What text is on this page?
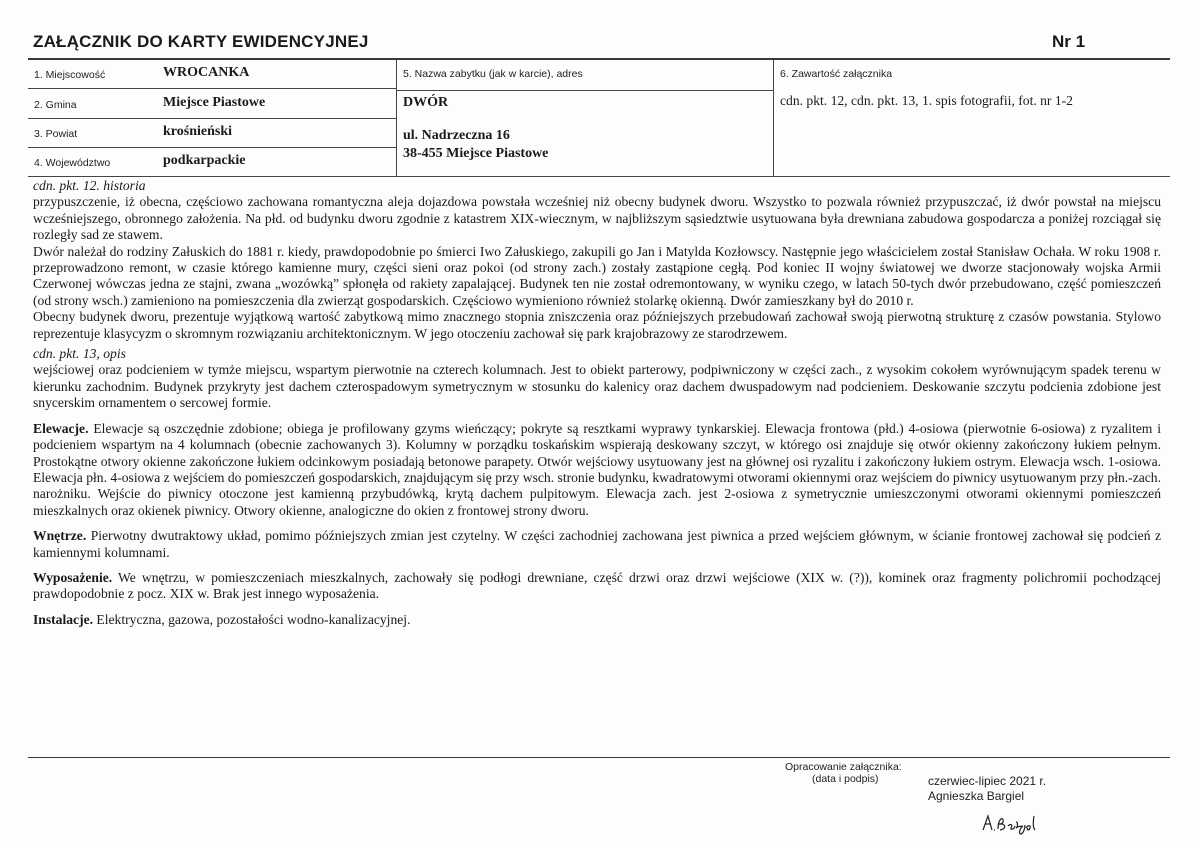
ZAŁĄCZNIK DO KARTY EWIDENCYJNEJ	Nr 1
1. Miejscowość	WROCANKA
2. Gmina	Miejsce Piastowe
3. Powiat	krośnieński
4. Województwo	podkarpackie
5. Nazwa zabytku (jak w karcie), adres
DWÓR
ul. Nadrzeczna 16
38-455 Miejsce Piastowe
6. Zawartość załącznika
cdn. pkt. 12, cdn. pkt. 13, 1. spis fotografii, fot. nr 1-2

cdn. pkt. 12. historia

przypuszczenie, iż obecna, częściowo zachowana romantyczna aleja dojazdowa powstała wcześniej niż obecny budynek dworu. Wszystko to pozwala również przypuszczać, iż dwór powstał na miejscu wcześniejszego, obronnego założenia. Na płd. od budynku dworu zgodnie z katastrem XIX-wiecznym, w najbliższym sąsiedztwie usytuowana była drewniana zabudowa gospodarcza a poniżej rozciągał się rozległy sad ze stawem.

Dwór należał do rodziny Załuskich do 1881 r. kiedy, prawdopodobnie po śmierci Iwo Załuskiego, zakupili go Jan i Matylda Kozłowscy. Następnie jego właścicielem został Stanisław Ochała. W roku 1908 r. przeprowadzono remont, w czasie którego kamienne mury, części sieni oraz pokoi (od strony zach.) zostały zastąpione cegłą. Pod koniec II wojny światowej we dworze stacjonowały wojska Armii Czerwonej wówczas jedna ze stajni, zwana „wozówką” spłonęła od rakiety zapalającej. Budynek ten nie został odremontowany, w wyniku czego, w latach 50-tych dwór przebudowano, część pomieszczeń (od strony wsch.) zamieniono na pomieszczenia dla zwierząt gospodarskich. Częściowo wymieniono również stolarkę okienną. Dwór zamieszkany był do 2010 r.

Obecny budynek dworu, prezentuje wyjątkową wartość zabytkową mimo znacznego stopnia zniszczenia oraz późniejszych przebudowań zachował swoją pierwotną strukturę z czasów powstania. Stylowo reprezentuje klasycyzm o skromnym rozwiązaniu architektonicznym. W jego otoczeniu zachował się park krajobrazowy ze starodrzewem.

cdn. pkt. 13, opis

wejściowej oraz podcieniem w tymże miejscu, wspartym pierwotnie na czterech kolumnach. Jest to obiekt parterowy, podpiwniczony w części zach., z wysokim cokołem wyrównującym spadek terenu w kierunku zachodnim. Budynek przykryty jest dachem czterospadowym symetrycznym w stosunku do kalenicy oraz dachem dwuspadowym nad podcieniem. Deskowanie szczytu podcienia zdobione jest snycerskim ornamentem o sercowej formie.

Elewacje. Elewacje są oszczędnie zdobione; obiega je profilowany gzyms wieńczący; pokryte są resztkami wyprawy tynkarskiej. Elewacja frontowa (płd.) 4-osiowa (pierwotnie 6-osiowa) z ryzalitem i podcieniem wspartym na 4 kolumnach (obecnie zachowanych 3). Kolumny w porządku toskańskim wspierają deskowany szczyt, w którego osi znajduje się otwór okienny zakończony łukiem pełnym. Prostokątne otwory okienne zakończone łukiem odcinkowym posiadają betonowe parapety. Otwór wejściowy usytuowany jest na głównej osi ryzalitu i zakończony łukiem ostrym. Elewacja wsch. 1-osiowa. Elewacja płn. 4-osiowa z wejściem do pomieszczeń gospodarskich, znajdującym się przy wsch. stronie budynku, kwadratowymi otworami okiennymi oraz wejściem do piwnicy usytuowanym przy płn.-zach. narożniku. Wejście do piwnicy otoczone jest kamienną przybudówką, krytą dachem pulpitowym. Elewacja zach. jest 2-osiowa z symetrycznie umieszczonymi otworami okiennymi pomieszczeń mieszkalnych oraz okienek piwnicy. Otwory okienne, analogiczne do okien z frontowej strony dworu.

Wnętrze. Pierwotny dwutraktowy układ, pomimo późniejszych zmian jest czytelny. W części zachodniej zachowana jest piwnica a przed wejściem głównym, w ścianie frontowej zachował się podcień z kamiennymi kolumnami.

Wyposażenie. We wnętrzu, w pomieszczeniach mieszkalnych, zachowały się podłogi drewniane, część drzwi oraz drzwi wejściowe (XIX w. (?)), kominek oraz fragmenty polichromii pochodzącej prawdopodobnie z pocz. XIX w. Brak jest innego wyposażenia.

Instalacje. Elektryczna, gazowa, pozostałości wodno-kanalizacyjnej.

Opracowanie załącznika:
(data i podpis)	czerwiec-lipiec 2021 r.
Agnieszka Bargiel
